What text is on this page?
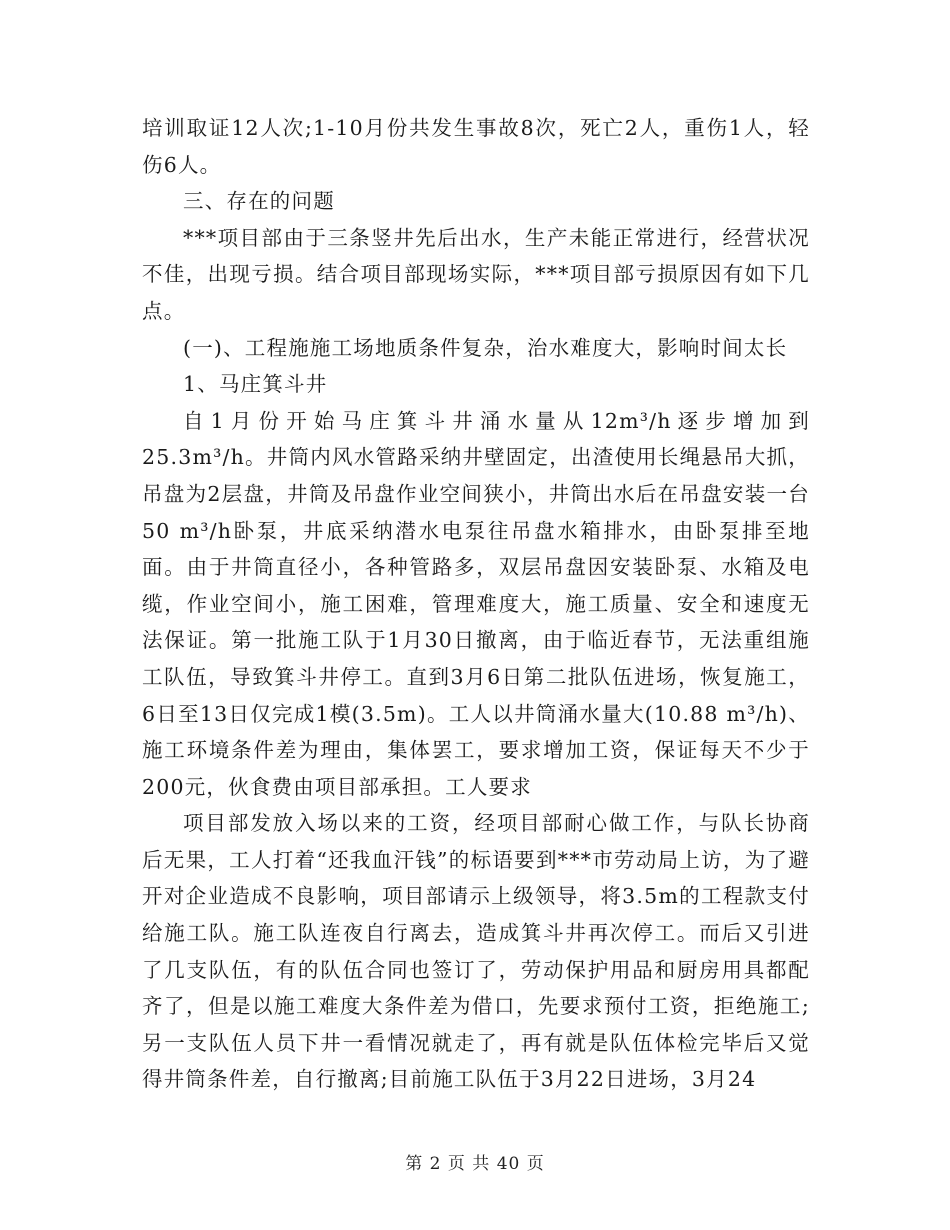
培训取证12人次;1-10月份共发生事故8次，死亡2人，重伤1人，轻伤6人。

三、存在的问题

***项目部由于三条竖井先后出水，生产未能正常进行，经营状况不佳，出现亏损。结合项目部现场实际，***项目部亏损原因有如下几点。

(一)、工程施施工场地质条件复杂，治水难度大，影响时间太长

1、马庄箕斗井

自1月份开始马庄箕斗井涌水量从12m³/h逐步增加到25.3m³/h。井筒内风水管路采纳井壁固定，出渣使用长绳悬吊大抓，吊盘为2层盘，井筒及吊盘作业空间狭小，井筒出水后在吊盘安装一台50 m³/h卧泵，井底采纳潜水电泵往吊盘水箱排水，由卧泵排至地面。由于井筒直径小，各种管路多，双层吊盘因安装卧泵、水箱及电缆，作业空间小，施工困难，管理难度大，施工质量、安全和速度无法保证。第一批施工队于1月30日撤离，由于临近春节，无法重组施工队伍，导致箕斗井停工。直到3月6日第二批队伍进场，恢复施工，6日至13日仅完成1模(3.5m)。工人以井筒涌水量大(10.88 m³/h)、施工环境条件差为理由，集体罢工，要求增加工资，保证每天不少于200元，伙食费由项目部承担。工人要求

项目部发放入场以来的工资，经项目部耐心做工作，与队长协商后无果，工人打着“还我血汗钱”的标语要到***市劳动局上访，为了避开对企业造成不良影响，项目部请示上级领导，将3.5m的工程款支付给施工队。施工队连夜自行离去，造成箕斗井再次停工。而后又引进了几支队伍，有的队伍合同也签订了，劳动保护用品和厨房用具都配齐了，但是以施工难度大条件差为借口，先要求预付工资，拒绝施工;另一支队伍人员下井一看情况就走了，再有就是队伍体检完毕后又觉得井筒条件差，自行撤离;目前施工队伍于3月22日进场，3月24

第 2 页 共 40 页
